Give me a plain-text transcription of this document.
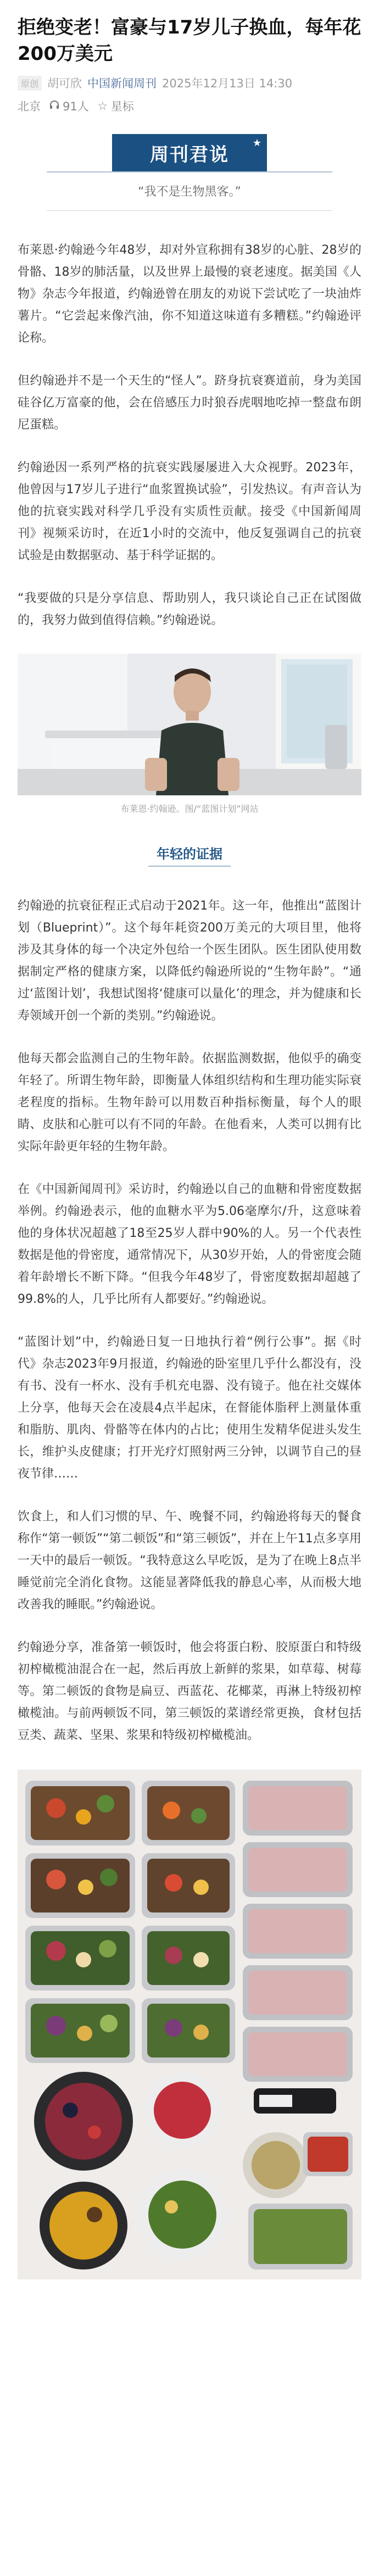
拒绝变老！富豪与17岁儿子换血，每年花200万美元
原创 胡可欣 中国新闻周刊 2025年12月13日 14:30
北京 91人 ☆ 星标
周刊君说
★
“我不是生物黑客。”

布莱恩·约翰逊今年48岁，却对外宣称拥有38岁的心脏、28岁的骨骼、18岁的肺活量，以及世界上最慢的衰老速度。据美国《人物》杂志今年报道，约翰逊曾在朋友的劝说下尝试吃了一块油炸薯片。“它尝起来像汽油，你不知道这味道有多糟糕。”约翰逊评论称。

但约翰逊并不是一个天生的“怪人”。跻身抗衰赛道前，身为美国硅谷亿万富豪的他，会在倍感压力时狼吞虎咽地吃掉一整盘布朗尼蛋糕。

约翰逊因一系列严格的抗衰实践屡屡进入大众视野。2023年，他曾因与17岁儿子进行“血浆置换试验”，引发热议。有声音认为他的抗衰实践对科学几乎没有实质性贡献。接受《中国新闻周刊》视频采访时，在近1小时的交流中，他反复强调自己的抗衰试验是由数据驱动、基于科学证据的。

“我要做的只是分享信息、帮助别人，我只谈论自己正在试图做的，我努力做到值得信赖。”约翰逊说。

布莱恩·约翰逊。图/“蓝图计划”网站
年轻的证据

约翰逊的抗衰征程正式启动于2021年。这一年，他推出“蓝图计划（Blueprint）”。这个每年耗资200万美元的大项目里，他将涉及其身体的每一个决定外包给一个医生团队。医生团队使用数据制定严格的健康方案，以降低约翰逊所说的“生物年龄”。“通过‘蓝图计划’，我想试图将‘健康可以量化’的理念，并为健康和长寿领域开创一个新的类别。”约翰逊说。

他每天都会监测自己的生物年龄。依据监测数据，他似乎的确变年轻了。所谓生物年龄，即衡量人体组织结构和生理功能实际衰老程度的指标。生物年龄可以用数百种指标衡量，每个人的眼睛、皮肤和心脏可以有不同的年龄。在他看来，人类可以拥有比实际年龄更年轻的生物年龄。

在《中国新闻周刊》采访时，约翰逊以自己的血糖和骨密度数据举例。约翰逊表示，他的血糖水平为5.06毫摩尔/升，这意味着他的身体状况超越了18至25岁人群中90%的人。另一个代表性数据是他的骨密度，通常情况下，从30岁开始，人的骨密度会随着年龄增长不断下降。“但我今年48岁了，骨密度数据却超越了99.8%的人，几乎比所有人都要好。”约翰逊说。

“蓝图计划”中，约翰逊日复一日地执行着“例行公事”。据《时代》杂志2023年9月报道，约翰逊的卧室里几乎什么都没有，没有书、没有一杯水、没有手机充电器、没有镜子。他在社交媒体上分享，他每天会在凌晨4点半起床，在督能体脂秤上测量体重和脂肪、肌肉、骨骼等在体内的占比；使用生发精华促进头发生长，维护头皮健康；打开光疗灯照射两三分钟，以调节自己的昼夜节律……

饮食上，和人们习惯的早、午、晚餐不同，约翰逊将每天的餐食称作“第一顿饭”“第二顿饭”和“第三顿饭”，并在上午11点多享用一天中的最后一顿饭。“我特意这么早吃饭，是为了在晚上8点半睡觉前完全消化食物。这能显著降低我的静息心率，从而极大地改善我的睡眠。”约翰逊说。

约翰逊分享，准备第一顿饭时，他会将蛋白粉、胶原蛋白和特级初榨橄榄油混合在一起，然后再放上新鲜的浆果，如草莓、树莓等。第二顿饭的食物是扁豆、西蓝花、花椰菜，再淋上特级初榨橄榄油。与前两顿饭不同，第三顿饭的菜谱经常更换，食材包括豆类、蔬菜、坚果、浆果和特级初榨橄榄油。
